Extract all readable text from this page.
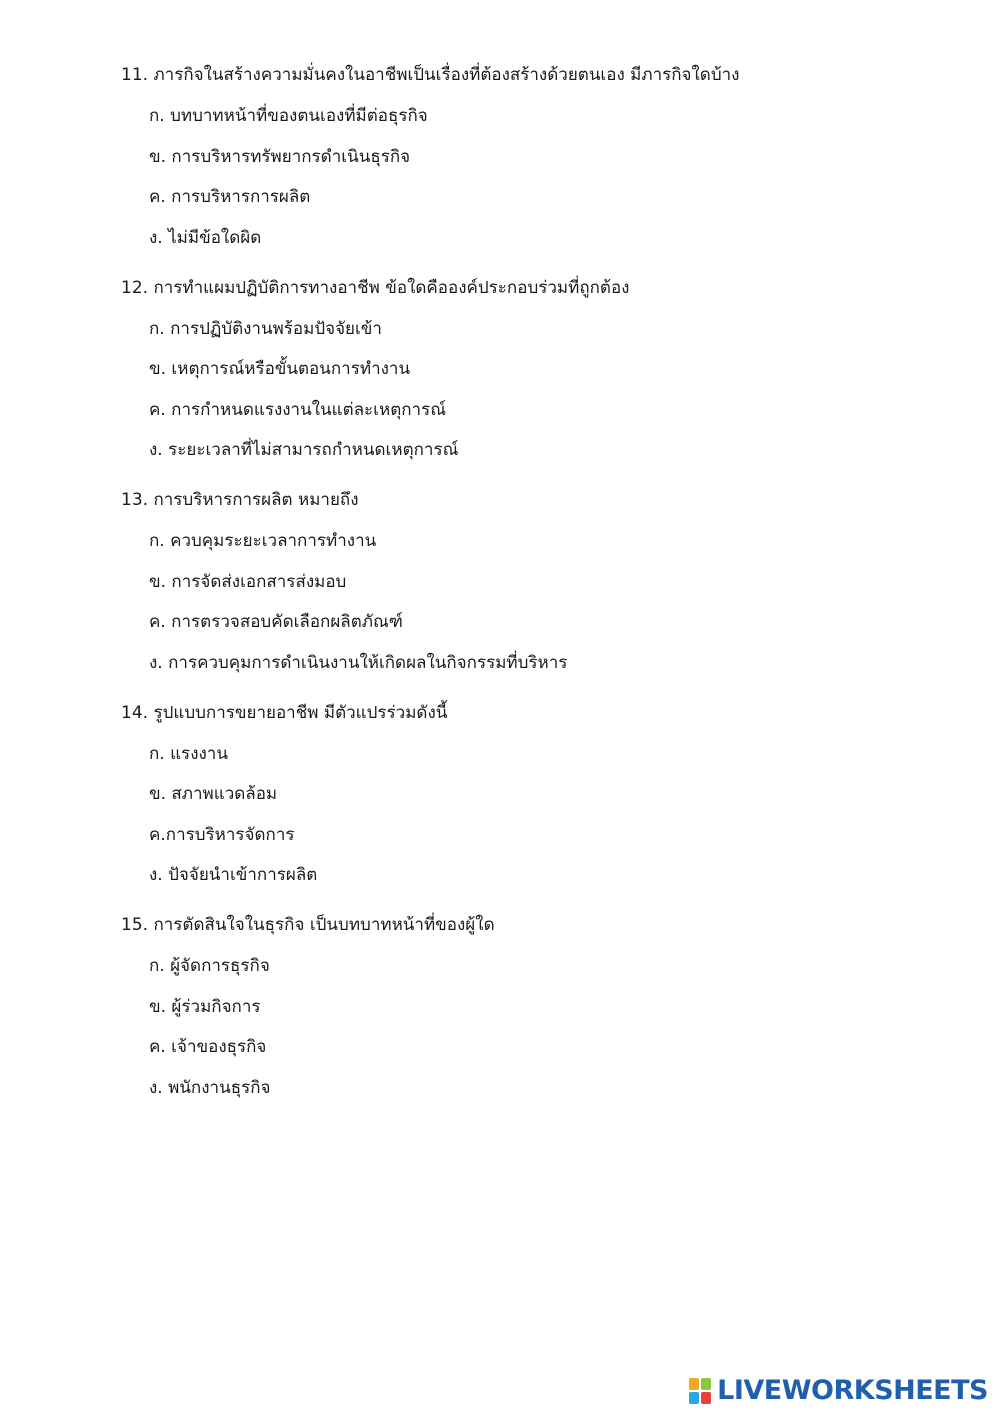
11. ภารกิจในสร้างความมั่นคงในอาชีพเป็นเรื่องที่ต้องสร้างด้วยตนเอง มีภารกิจใดบ้าง
ก. บทบาทหน้าที่ของตนเองที่มีต่อธุรกิจ
ข. การบริหารทรัพยากรดำเนินธุรกิจ
ค. การบริหารการผลิต
ง. ไม่มีข้อใดผิด
12. การทำแผมปฏิบัติการทางอาชีพ ข้อใดคือองค์ประกอบร่วมที่ถูกต้อง
ก. การปฏิบัติงานพร้อมปัจจัยเข้า
ข. เหตุการณ์หรือขั้นตอนการทำงาน
ค. การกำหนดแรงงานในแต่ละเหตุการณ์
ง. ระยะเวลาที่ไม่สามารถกำหนดเหตุการณ์
13. การบริหารการผลิต หมายถึง
ก. ควบคุมระยะเวลาการทำงาน
ข. การจัดส่งเอกสารส่งมอบ
ค. การตรวจสอบคัดเลือกผลิตภัณฑ์
ง. การควบคุมการดำเนินงานให้เกิดผลในกิจกรรมที่บริหาร
14. รูปแบบการขยายอาชีพ มีตัวแปรร่วมดังนี้
ก. แรงงาน
ข. สภาพแวดล้อม
ค.การบริหารจัดการ
ง. ปัจจัยนำเข้าการผลิต
15. การตัดสินใจในธุรกิจ เป็นบทบาทหน้าที่ของผู้ใด
ก. ผู้จัดการธุรกิจ
ข. ผู้ร่วมกิจการ
ค. เจ้าของธุรกิจ
ง. พนักงานธุรกิจ
LIVEWORKSHEETS
